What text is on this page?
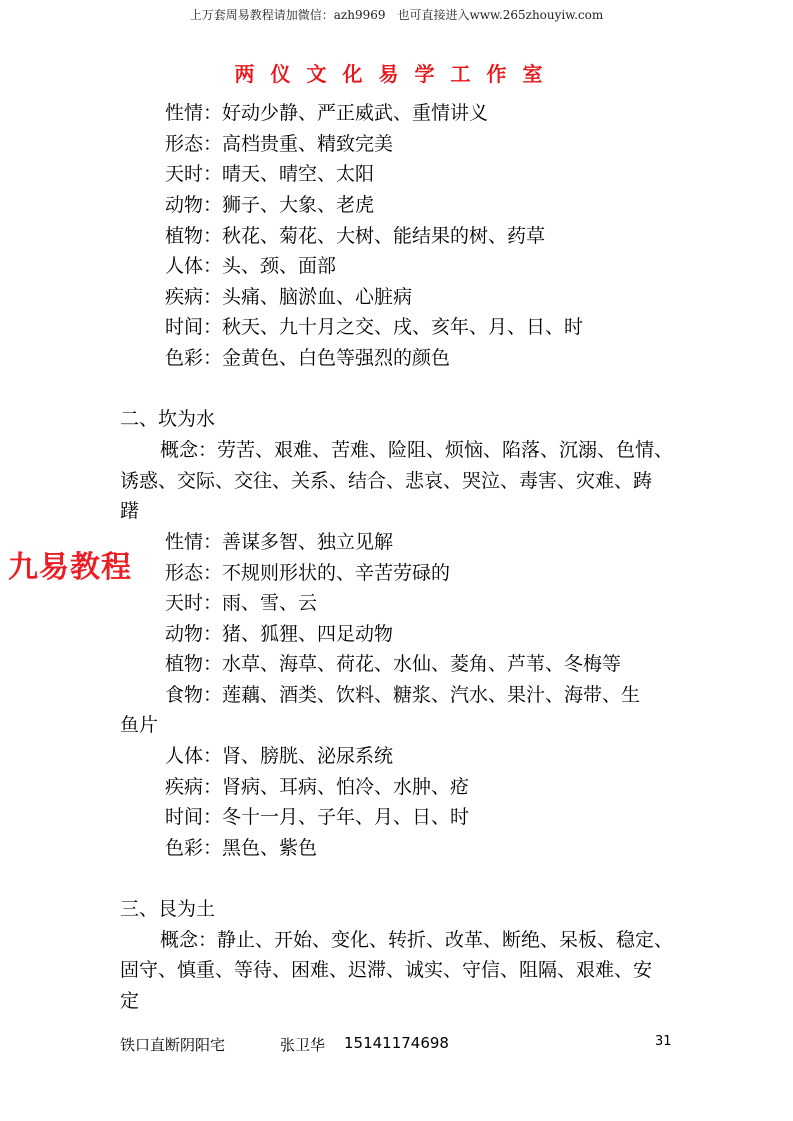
上万套周易教程请加微信：azh9969　也可直接进入www.265zhouyiw.com
两仪文化易学工作室
九易教程
性情：好动少静、严正威武、重情讲义
形态：高档贵重、精致完美
天时：晴天、晴空、太阳
动物：狮子、大象、老虎
植物：秋花、菊花、大树、能结果的树、药草
人体：头、颈、面部
疾病：头痛、脑淤血、心脏病
时间：秋天、九十月之交、戌、亥年、月、日、时
色彩：金黄色、白色等强烈的颜色
二、坎为水
概念：劳苦、艰难、苦难、险阻、烦恼、陷落、沉溺、色情、
诱惑、交际、交往、关系、结合、悲哀、哭泣、毒害、灾难、踌
躇
性情：善谋多智、独立见解
形态：不规则形状的、辛苦劳碌的
天时：雨、雪、云
动物：猪、狐狸、四足动物
植物：水草、海草、荷花、水仙、菱角、芦苇、冬梅等
食物：莲藕、酒类、饮料、糖浆、汽水、果汁、海带、生
鱼片
人体：肾、膀胱、泌尿系统
疾病：肾病、耳病、怕冷、水肿、疮
时间：冬十一月、子年、月、日、时
色彩：黑色、紫色
三、艮为土
概念：静止、开始、变化、转折、改革、断绝、呆板、稳定、
固守、慎重、等待、困难、迟滞、诚实、守信、阻隔、艰难、安
定
铁口直断阴阳宅	张卫华 15141174698	31
